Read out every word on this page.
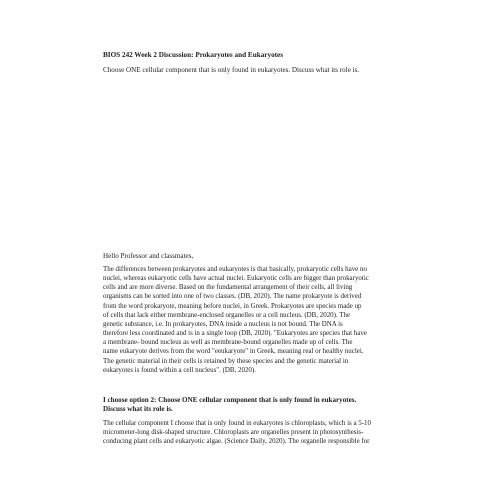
BIOS 242 Week 2 Discussion: Prokaryotes and Eukaryotes

Choose ONE cellular component that is only found in eukaryotes. Discuss what its role is.

Hello Professor and classmates,

The differences between prokaryotes and eukaryotes is that basically, prokaryotic cells have no
nuclei, whereas eukaryotic cells have actual nuclei. Eukaryotic cells are bigger than prokaryotic
cells and are more diverse. Based on the fundamental arrangement of their cells, all living
organisms can be sorted into one of two classes. (DB, 2020). The name prokaryote is derived
from the word prokaryote, meaning before nuclei, in Greek. Prokaryotes are species made up
of cells that lack either membrane-enclosed organelles or a cell nucleus. (DB, 2020). The
genetic substance, i.e. In prokaryotes, DNA inside a nucleus is not bound. The DNA is
therefore less coordinated and is in a single loop (DB, 2020). "Eukaryotes are species that have
a membrane- bound nucleus as well as membrane-bound organelles made up of cells. The
name eukaryote derives from the word "eeukaryote" in Greek, meaning real or healthy nuclei.
The genetic material in their cells is retained by these species and the genetic material in
eukaryotes is found within a cell nucleus". (DB, 2020).
I choose option 2: Choose ONE cellular component that is only found in eukaryotes.
Discuss what its role is.
The cellular component I choose that is only found in eukaryotes is chloroplasts, which is a 5-10
micrometer-long disk-shaped structure. Chloroplasts are organelles present in photosynthesis-
conducing plant cells and eukaryotic algae. (Science Daily, 2020). The organelle responsible for
